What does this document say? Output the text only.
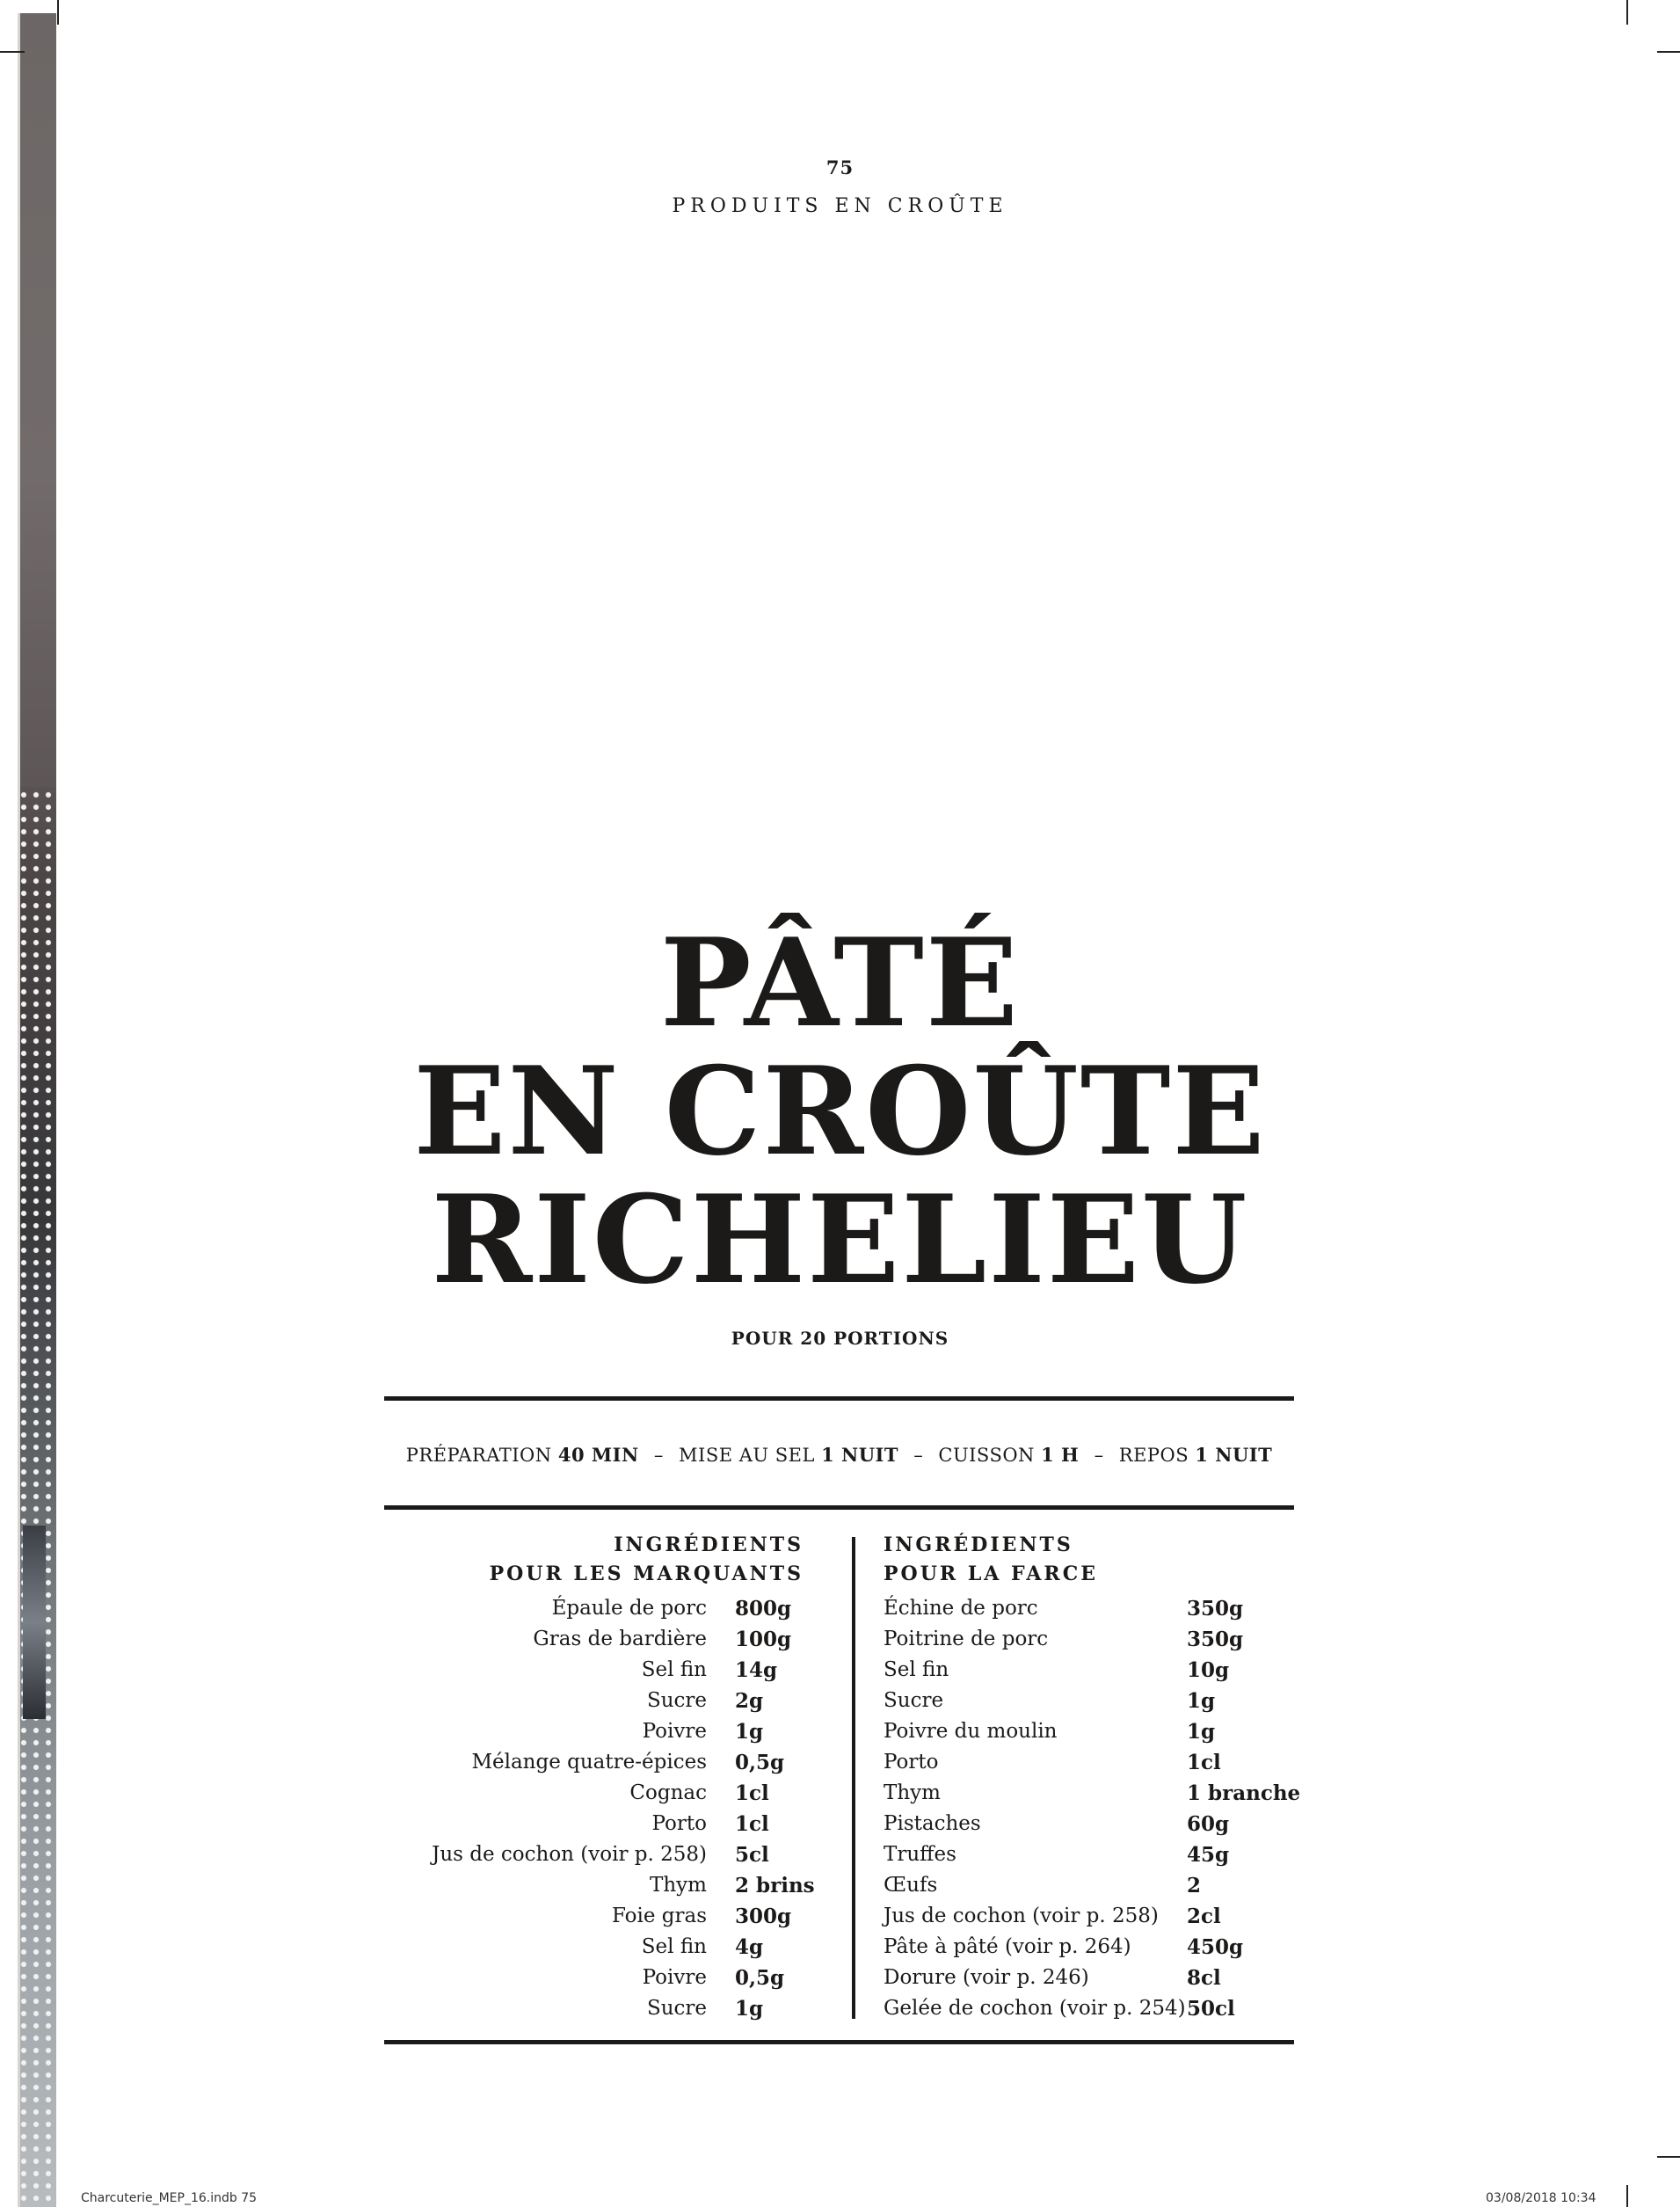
75
PRODUITS EN CROÛTE
PÂTÉ
EN CROÛTE
RICHELIEU
POUR 20 PORTIONS
PRÉPARATION 40 MIN – MISE AU SEL 1 NUIT – CUISSON 1 H – REPOS 1 NUIT
INGRÉDIENTS
POUR LES MARQUANTS
INGRÉDIENTS
POUR LA FARCE
Épaule de porc 800g
Gras de bardière 100g
Sel fin 14g
Sucre 2g
Poivre 1g
Mélange quatre-épices 0,5g
Cognac 1cl
Porto 1cl
Jus de cochon (voir p. 258) 5cl
Thym 2 brins
Foie gras 300g
Sel fin 4g
Poivre 0,5g
Sucre 1g
Échine de porc	350g
Poitrine de porc	350g
Sel fin	10g
Sucre	1g
Poivre du moulin	1g
Porto	1cl
Thym	1 branche
Pistaches	60g
Truffes	45g
Œufs	2
Jus de cochon (voir p. 258) 2cl
Pâte à pâté (voir p. 264)	450g
Dorure (voir p. 246)	8cl
Gelée de cochon (voir p. 254) 50cl
Charcuterie_MEP_16.indb 75	03/08/2018 10:34
